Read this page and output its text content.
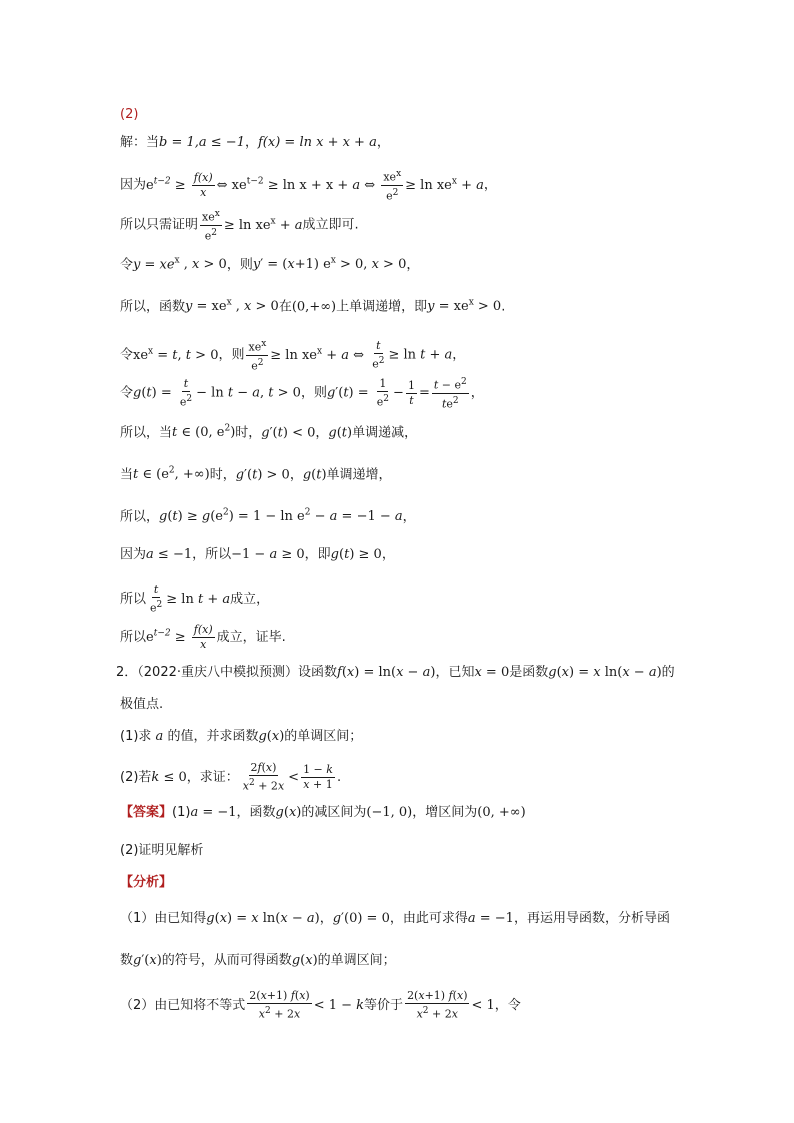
(2)
解：当b = 1,a ≤ −1，f(x) = ln x + x + a，
因为$e^{t-2} \ge \frac{f(x)}{x}$ ⇔ $xe^{t-2} \ge \ln x + x + a$ ⇔ $\frac{xe^x}{e^2} \ge \ln xe^x + a$，
所以只需证明 $\frac{xe^x}{e^2} \ge \ln xe^x + a$成立即可.
令$y = xe^x$ , x > 0，则y′ = (x+1) $e^x > 0$, x > 0，
所以，函数$y = xe^x$ , x > 0在(0,+∞)上单调递增，即$y = xe^x > 0$.
令$xe^x = t$, t > 0，则 $\frac{xe^x}{e^2} \ge \ln xe^x + a$ ⇔ $\frac{t}{e^2} \ge \ln t + a$，
令$g(t) = \frac{t}{e^2} - \ln t - a$, t > 0，则$g'(t) = \frac{1}{e^2} - \frac{1}{t} = \frac{t - e^2}{te^2}$ ，
所以，当t ∈ (0, $e^2$)时，g′(t) < 0，g(t)单调递减，
当t ∈ ($e^2$, +∞)时，g′(t) > 0，g(t)单调递增，
所以，$g(t) \ge g(e^2) = 1 - \ln e^2 - a = -1 - a$，
因为a ≤ −1，所以−1 − a ≥ 0，即g(t) ≥ 0，
所以 $\frac{t}{e^2} \ge \ln t + a$成立，
所以$e^{t-2} \ge \frac{f(x)}{x}$ 成立，证毕.
2．（2022·重庆八中模拟预测）设函数f(x) = ln(x − a)，已知x = 0是函数g(x) = x ln(x − a)的
极值点.
(1)求 a 的值，并求函数g(x)的单调区间；
(2)若k ≤ 0，求证： $\frac{2f(x)}{x^2 + 2x} < \frac{1 - k}{x + 1}$ .
【答案】(1)a = −1，函数g(x)的减区间为(−1, 0)，增区间为(0, +∞)
(2)证明见解析
【分析】
（1）由已知得g(x) = x ln(x − a)，g′(0) = 0，由此可求得a = −1，再运用导函数，分析导函
数g′(x)的符号，从而可得函数g(x)的单调区间；
（2）由已知将不等式 $\frac{2(x+1) f(x)}{x^2 + 2x} < 1 - k$等价于 $\frac{2(x+1) f(x)}{x^2 + 2x} < 1$，令
